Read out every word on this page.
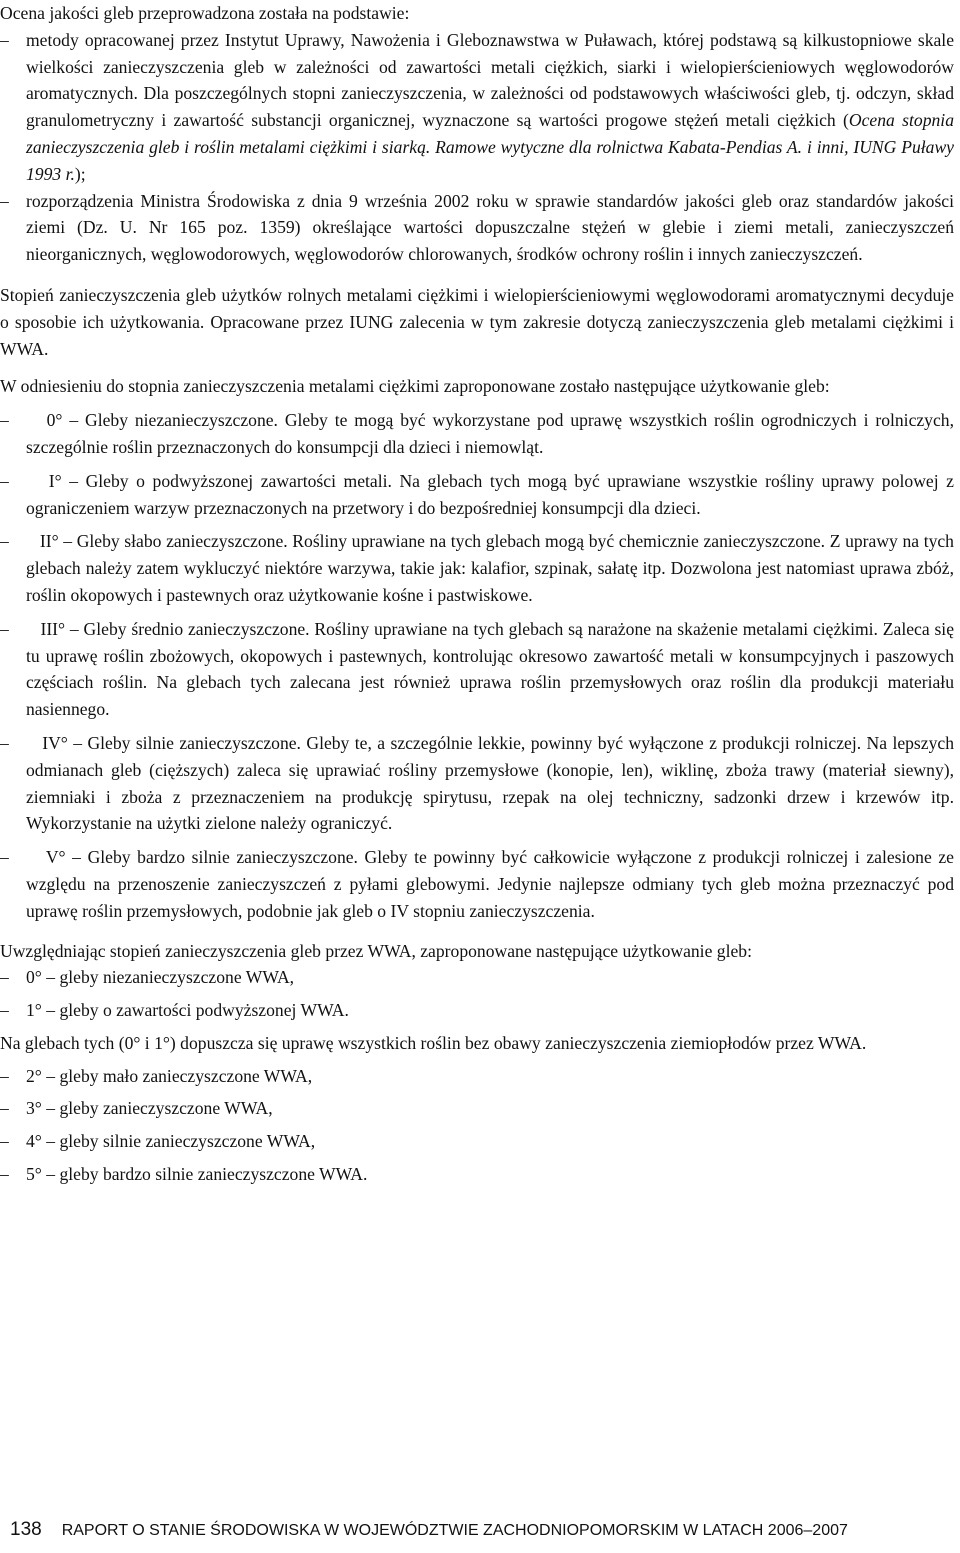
Ocena jakości gleb przeprowadzona została na podstawie:

– metody opracowanej przez Instytut Uprawy, Nawożenia i Gleboznawstwa w Puławach, której podstawą są kilkustopniowe skale wielkości zanieczyszczenia gleb w zależności od zawartości metali ciężkich, siarki i wielopierścieniowych węglowodorów aromatycznych. Dla poszczególnych stopni zanieczyszczenia, w zależności od podstawowych właściwości gleb, tj. odczyn, skład granulometryczny i zawartość substancji organicznej, wyznaczone są wartości progowe stężeń metali ciężkich (Ocena stopnia zanieczyszczenia gleb i roślin metalami ciężkimi i siarką. Ramowe wytyczne dla rolnictwa Kabata-Pendias A. i inni, IUNG Puławy 1993 r.);
– rozporządzenia Ministra Środowiska z dnia 9 września 2002 roku w sprawie standardów jakości gleb oraz standardów jakości ziemi (Dz. U. Nr 165 poz. 1359) określające wartości dopuszczalne stężeń w glebie i ziemi metali, zanieczyszczeń nieorganicznych, węglowodorowych, węglowodorów chlorowanych, środków ochrony roślin i innych zanieczyszczeń.

Stopień zanieczyszczenia gleb użytków rolnych metalami ciężkimi i wielopierścieniowymi węglowodorami aromatycznymi decyduje o sposobie ich użytkowania. Opracowane przez IUNG zalecenia w tym zakresie dotyczą zanieczyszczenia gleb metalami ciężkimi i WWA.

W odniesieniu do stopnia zanieczyszczenia metalami ciężkimi zaproponowane zostało następujące użytkowanie gleb:

–	0° – Gleby niezanieczyszczone. Gleby te mogą być wykorzystane pod uprawę wszystkich roślin ogrodniczych i rolniczych, szczególnie roślin przeznaczonych do konsumpcji dla dzieci i niemowląt.
–	I° – Gleby o podwyższonej zawartości metali. Na glebach tych mogą być uprawiane wszystkie rośliny uprawy polowej z ograniczeniem warzyw przeznaczonych na przetwory i do bezpośredniej konsumpcji dla dzieci.
–	II° – Gleby słabo zanieczyszczone. Rośliny uprawiane na tych glebach mogą być chemicznie zanieczyszczone. Z uprawy na tych glebach należy zatem wykluczyć niektóre warzywa, takie jak: kalafior, szpinak, sałatę itp. Dozwolona jest natomiast uprawa zbóż, roślin okopowych i pastewnych oraz użytkowanie kośne i pastwiskowe.
–	III° – Gleby średnio zanieczyszczone. Rośliny uprawiane na tych glebach są narażone na skażenie metalami ciężkimi. Zaleca się tu uprawę roślin zbożowych, okopowych i pastewnych, kontrolując okresowo zawartość metali w konsumpcyjnych i paszowych częściach roślin. Na glebach tych zalecana jest również uprawa roślin przemysłowych oraz roślin dla produkcji materiału nasiennego.
–	IV° – Gleby silnie zanieczyszczone. Gleby te, a szczególnie lekkie, powinny być wyłączone z produkcji rolniczej. Na lepszych odmianach gleb (cięższych) zaleca się uprawiać rośliny przemysłowe (konopie, len), wiklinę, zboża trawy (materiał siewny), ziemniaki i zboża z przeznaczeniem na produkcję spirytusu, rzepak na olej techniczny, sadzonki drzew i krzewów itp. Wykorzystanie na użytki zielone należy ograniczyć.
–	V° – Gleby bardzo silnie zanieczyszczone. Gleby te powinny być całkowicie wyłączone z produkcji rolniczej i zalesione ze względu na przenoszenie zanieczyszczeń z pyłami glebowymi. Jedynie najlepsze odmiany tych gleb można przeznaczyć pod uprawę roślin przemysłowych, podobnie jak gleb o IV stopniu zanieczyszczenia.

Uwzględniając stopień zanieczyszczenia gleb przez WWA, zaproponowane następujące użytkowanie gleb:

– 0° – gleby niezanieczyszczone WWA,
– 1° – gleby o zawartości podwyższonej WWA.

Na glebach tych (0° i 1°) dopuszcza się uprawę wszystkich roślin bez obawy zanieczyszczenia ziemiopłodów przez WWA.

– 2° – gleby mało zanieczyszczone WWA,
– 3° – gleby zanieczyszczone WWA,
– 4° – gleby silnie zanieczyszczone WWA,
– 5° – gleby bardzo silnie zanieczyszczone WWA.
138 RAPORT O STANIE ŚRODOWISKA W WOJEWÓDZTWIE ZACHODNIOPOMORSKIM W LATACH 2006–2007
